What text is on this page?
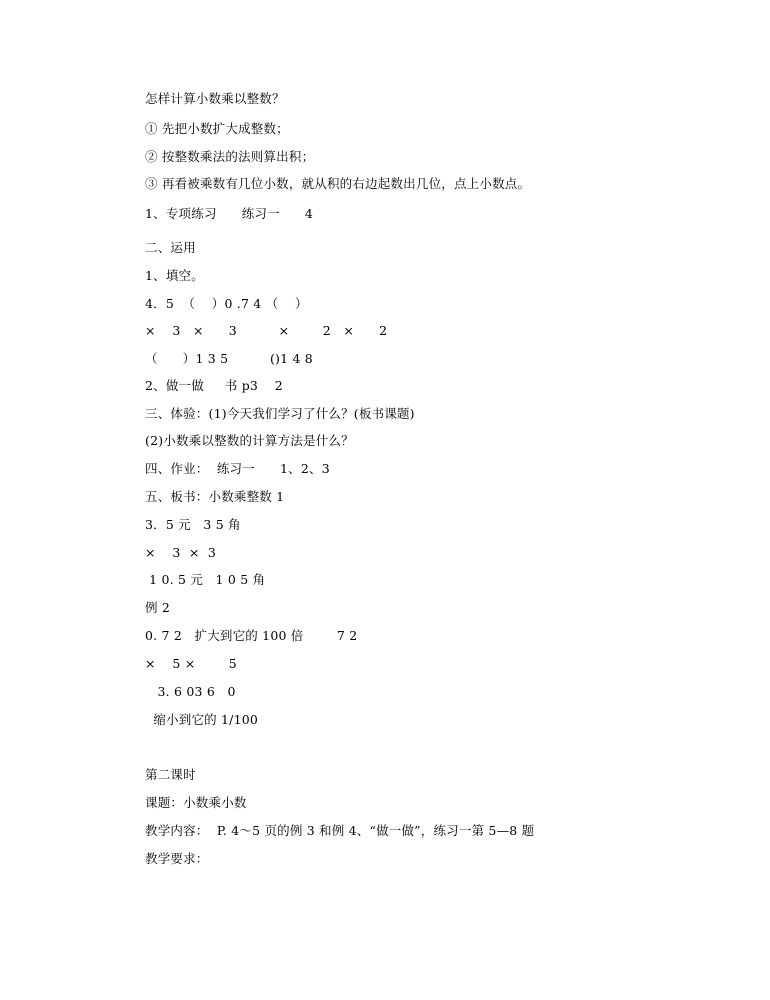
怎样计算小数乘以整数？
① 先把小数扩大成整数；
② 按整数乘法的法则算出积；
③ 再看被乘数有几位小数，就从积的右边起数出几位，点上小数点。
1、专项练习      练习一      4
二、运用
1、填空。
4．5  （    ）0 .7 4 （    ）
×    3   ×      3          ×        2   ×      2
（      ）1 3 5          ()1 4 8
2、做一做     书 p3    2
三、体验：(1)今天我们学习了什么？(板书课题)
(2)小数乘以整数的计算方法是什么？
四、作业：  练习一      1、2、3
五、板书：小数乘整数 1
3．5 元   3 5 角
×    3  ×  3
1 0. 5 元   1 0 5 角
例 2
0. 7 2   扩大到它的 100 倍        7 2
×    5 ×        5
3. 6 03 6   0
缩小到它的 1/100
第二课时
课题：小数乘小数
教学内容：  P. 4～5 页的例 3 和例 4、“做一做”，练习一第 5—8 题
教学要求：
